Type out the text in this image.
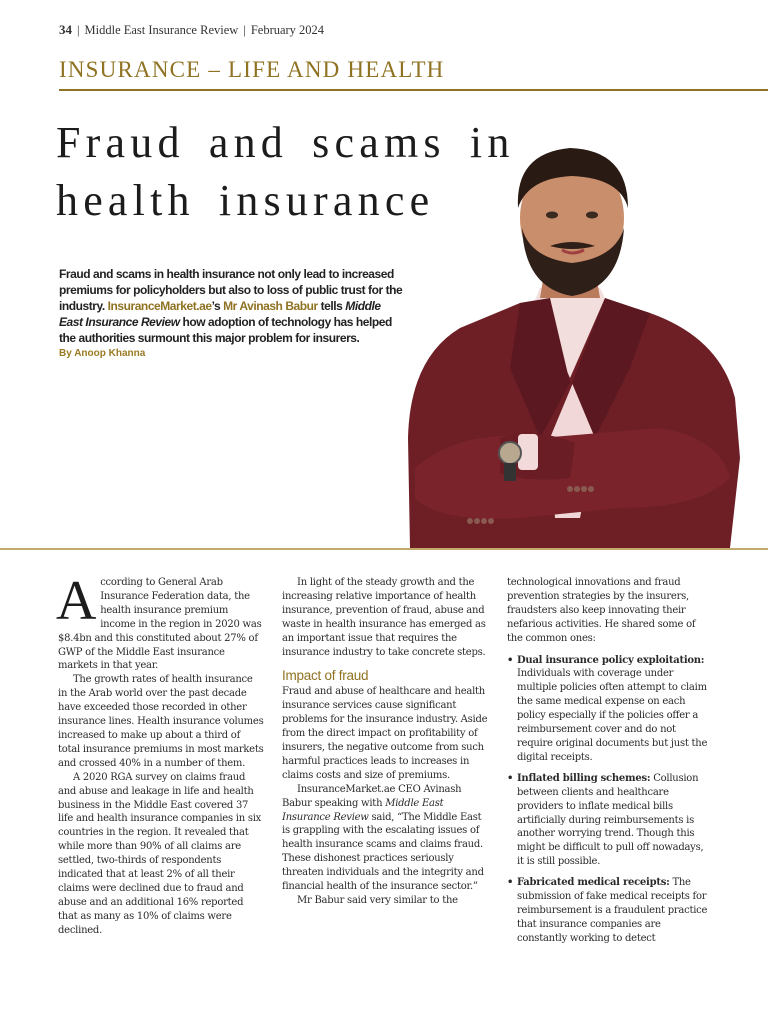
34 | Middle East Insurance Review | February 2024
INSURANCE – LIFE AND HEALTH
Fraud and scams in health insurance
Fraud and scams in health insurance not only lead to increased premiums for policyholders but also to loss of public trust for the industry. InsuranceMarket.ae’s Mr Avinash Babur tells Middle East Insurance Review how adoption of technology has helped the authorities surmount this major problem for insurers.
By Anoop Khanna

According to General Arab Insurance Federation data, the health insurance premium income in the region in 2020 was $8.4bn and this constituted about 27% of GWP of the Middle East insurance markets in that year.

The growth rates of health insurance in the Arab world over the past decade have exceeded those recorded in other insurance lines. Health insurance volumes increased to make up about a third of total insurance premiums in most markets and crossed 40% in a number of them.

A 2020 RGA survey on claims fraud and abuse and leakage in life and health business in the Middle East covered 37 life and health insurance companies in six countries in the region. It revealed that while more than 90% of all claims are settled, two-thirds of respondents indicated that at least 2% of all their claims were declined due to fraud and abuse and an additional 16% reported that as many as 10% of claims were declined.

In light of the steady growth and the increasing relative importance of health insurance, prevention of fraud, abuse and waste in health insurance has emerged as an important issue that requires the insurance industry to take concrete steps.

Impact of fraud

Fraud and abuse of healthcare and health insurance services cause significant problems for the insurance industry. Aside from the direct impact on profitability of insurers, the negative outcome from such harmful practices leads to increases in claims costs and size of premiums.

InsuranceMarket.ae CEO Avinash Babur speaking with Middle East Insurance Review said, “The Middle East is grappling with the escalating issues of health insurance scams and claims fraud. These dishonest practices seriously threaten individuals and the integrity and financial health of the insurance sector.”

Mr Babur said very similar to the

technological innovations and fraud prevention strategies by the insurers, fraudsters also keep innovating their nefarious activities. He shared some of the common ones:

• Dual insurance policy exploitation: Individuals with coverage under multiple policies often attempt to claim the same medical expense on each policy especially if the policies offer a reimbursement cover and do not require original documents but just the digital receipts.
• Inflated billing schemes: Collusion between clients and healthcare providers to inflate medical bills artificially during reimbursements is another worrying trend. Though this might be difficult to pull off nowadays, it is still possible.
• Fabricated medical receipts: The submission of fake medical receipts for reimbursement is a fraudulent practice that insurance companies are constantly working to detect
